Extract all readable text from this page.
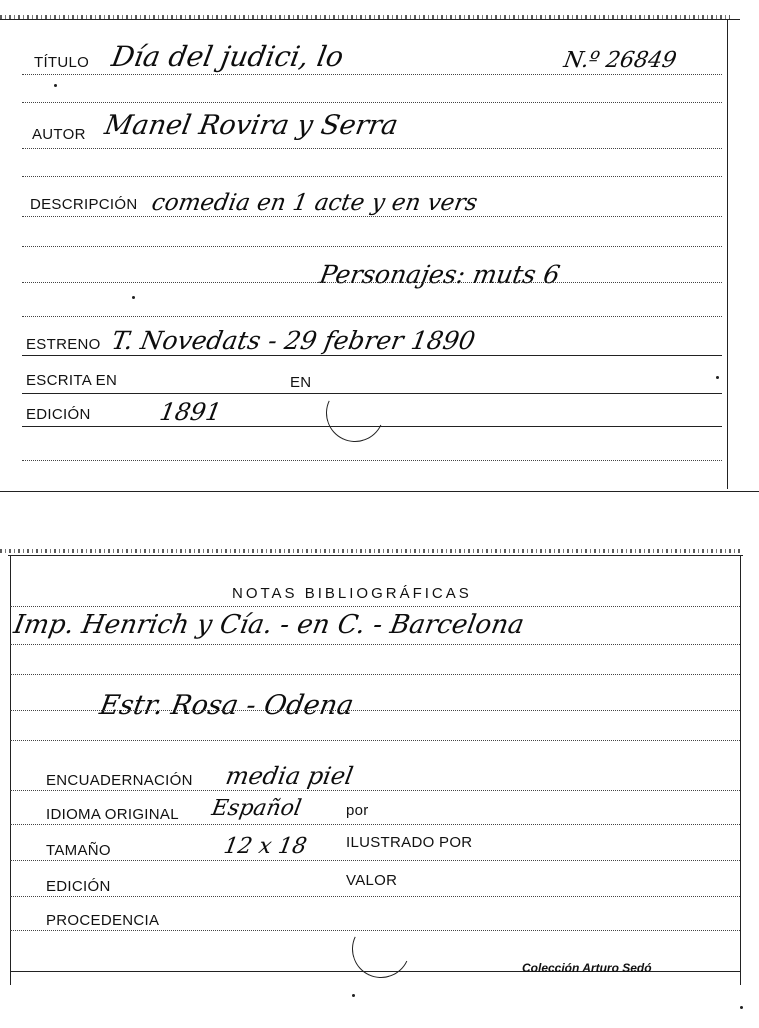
TÍTULO Día del judici, lo	N.º 26849
AUTOR Manel Rovira y Serra
DESCRIPCIÓN comedia en 1 acte y en vers
Personajes: muts 6
ESTRENO T. Novedats - 29 febrer 1890
ESCRITA EN	EN
EDICIÓN	1891
NOTAS BIBLIOGRÁFICAS
Imp. Henrich y Cía. - en C. - Barcelona
Estr. Rosa - Odena
ENCUADERNACIÓN media piel
IDIOMA ORIGINAL Español	por
TAMAÑO	12 x 18 ILUSTRADO POR
EDICIÓN	VALOR
PROCEDENCIA
Colección Arturo Sedó
